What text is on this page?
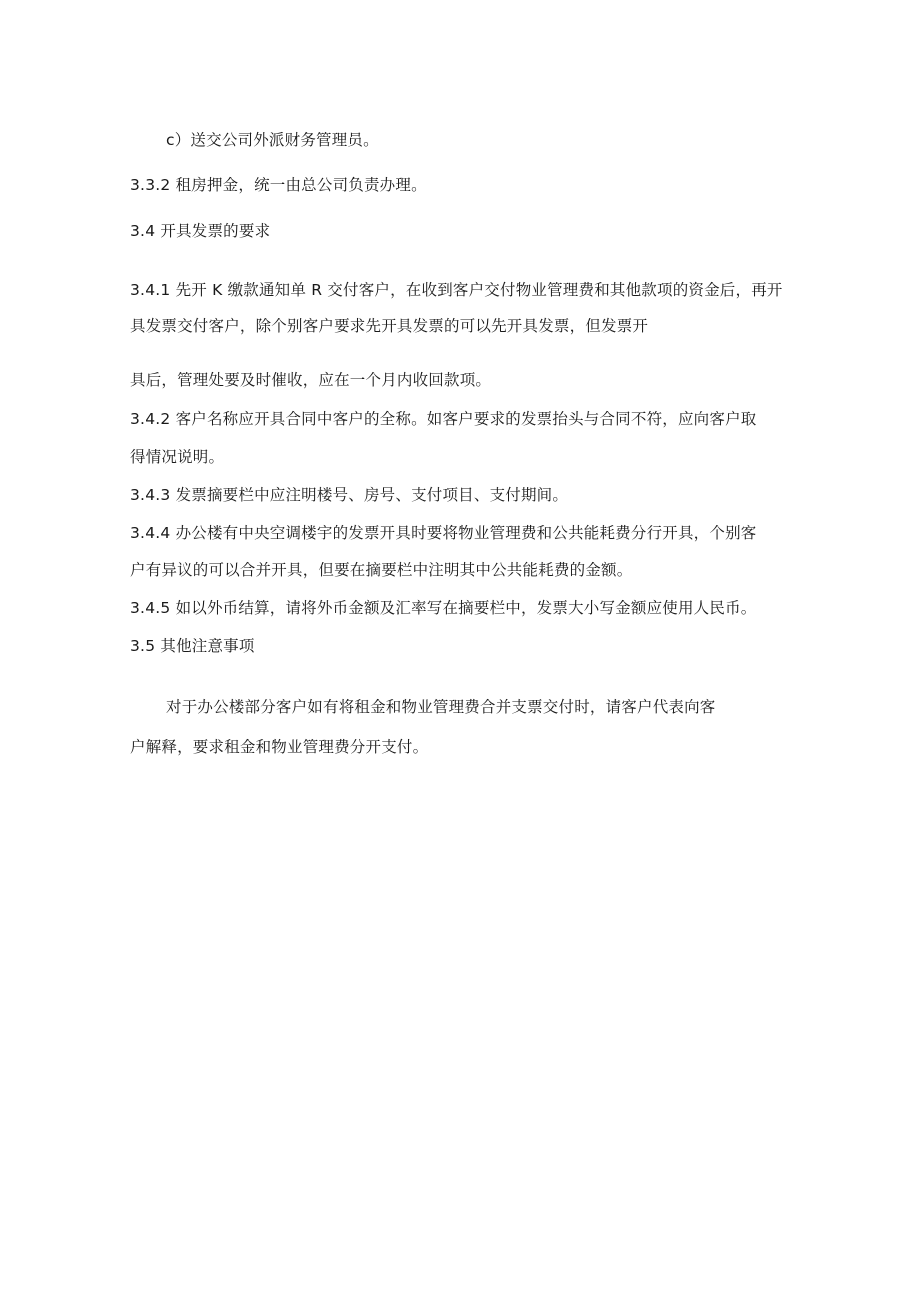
c）送交公司外派财务管理员。
3.3.2 租房押金，统一由总公司负责办理。
3.4 开具发票的要求
3.4.1 先开 K 缴款通知单 R 交付客户，在收到客户交付物业管理费和其他款项的资金后，再开
具发票交付客户，除个别客户要求先开具发票的可以先开具发票，但发票开
具后，管理处要及时催收，应在一个月内收回款项。
3.4.2 客户名称应开具合同中客户的全称。如客户要求的发票抬头与合同不符，应向客户取
得情况说明。
3.4.3 发票摘要栏中应注明楼号、房号、支付项目、支付期间。
3.4.4 办公楼有中央空调楼宇的发票开具时要将物业管理费和公共能耗费分行开具，个别客
户有异议的可以合并开具，但要在摘要栏中注明其中公共能耗费的金额。
3.4.5 如以外币结算，请将外币金额及汇率写在摘要栏中，发票大小写金额应使用人民币。
3.5 其他注意事项
对于办公楼部分客户如有将租金和物业管理费合并支票交付时，请客户代表向客
户解释，要求租金和物业管理费分开支付。
